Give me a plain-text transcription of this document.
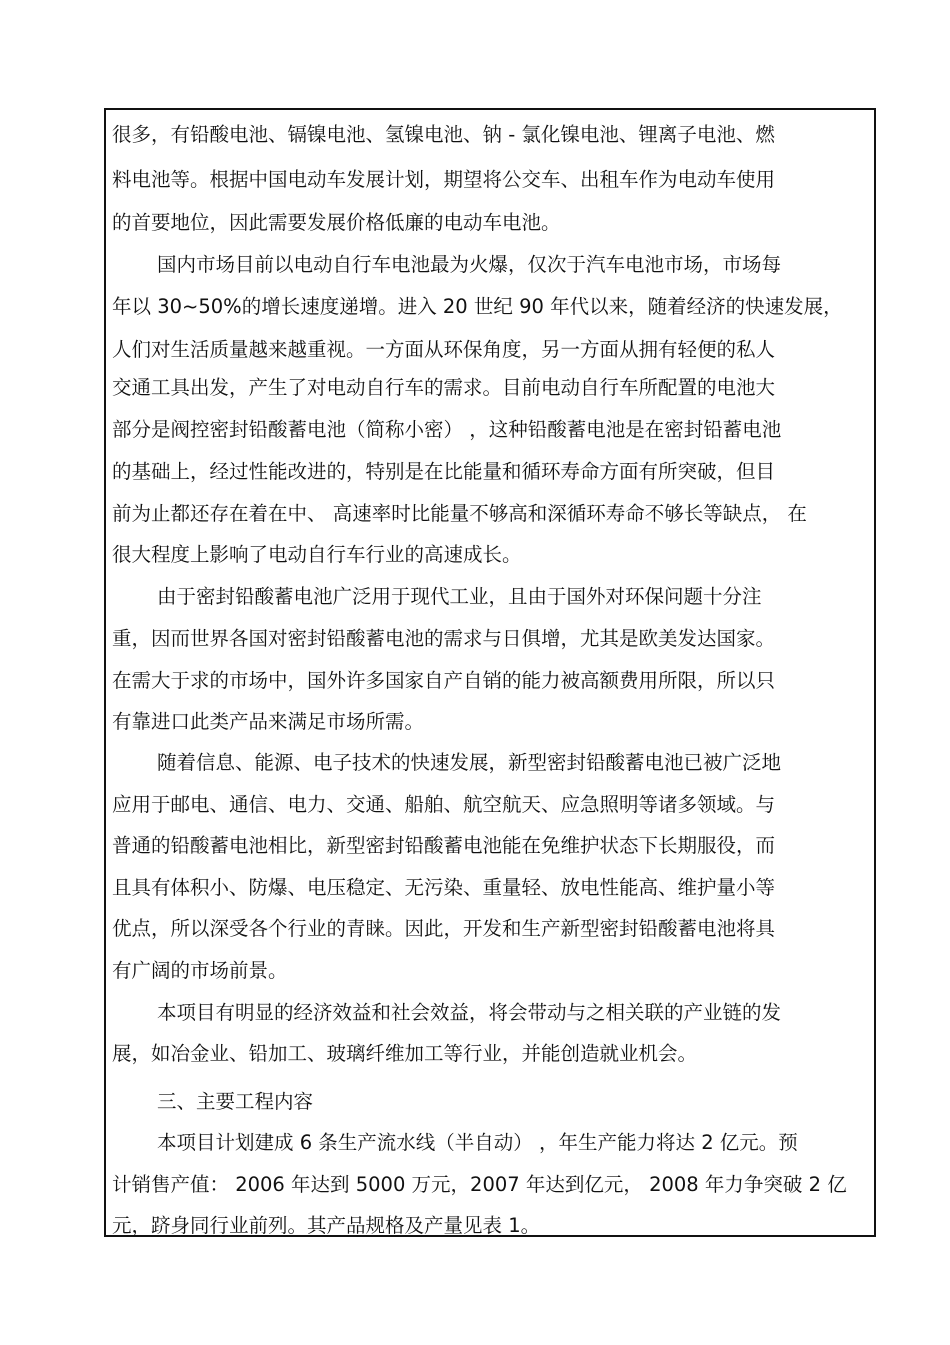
很多，有铅酸电池、镉镍电池、氢镍电池、钠 - 氯化镍电池、锂离子电池、燃
料电池等。根据中国电动车发展计划，期望将公交车、出租车作为电动车使用
的首要地位，因此需要发展价格低廉的电动车电池。
国内市场目前以电动自行车电池最为火爆，仅次于汽车电池市场，市场每
年以 30~50%的增长速度递增。进入 20 世纪 90 年代以来，随着经济的快速发展，
人们对生活质量越来越重视。一方面从环保角度，另一方面从拥有轻便的私人
交通工具出发，产生了对电动自行车的需求。目前电动自行车所配置的电池大
部分是阀控密封铅酸蓄电池（简称小密） ，这种铅酸蓄电池是在密封铅蓄电池
的基础上，经过性能改进的，特别是在比能量和循环寿命方面有所突破，但目
前为止都还存在着在中、 高速率时比能量不够高和深循环寿命不够长等缺点， 在
很大程度上影响了电动自行车行业的高速成长。
由于密封铅酸蓄电池广泛用于现代工业，且由于国外对环保问题十分注
重，因而世界各国对密封铅酸蓄电池的需求与日俱增，尤其是欧美发达国家。
在需大于求的市场中，国外许多国家自产自销的能力被高额费用所限，所以只
有靠进口此类产品来满足市场所需。
随着信息、能源、电子技术的快速发展，新型密封铅酸蓄电池已被广泛地
应用于邮电、通信、电力、交通、船舶、航空航天、应急照明等诸多领域。与
普通的铅酸蓄电池相比，新型密封铅酸蓄电池能在免维护状态下长期服役，而
且具有体积小、防爆、电压稳定、无污染、重量轻、放电性能高、维护量小等
优点，所以深受各个行业的青睐。因此，开发和生产新型密封铅酸蓄电池将具
有广阔的市场前景。
本项目有明显的经济效益和社会效益，将会带动与之相关联的产业链的发
展，如冶金业、铅加工、玻璃纤维加工等行业，并能创造就业机会。
三、主要工程内容
本项目计划建成 6 条生产流水线（半自动） ，年生产能力将达 2 亿元。预
计销售产值： 2006 年达到 5000 万元，2007 年达到亿元， 2008 年力争突破 2 亿
元，跻身同行业前列。其产品规格及产量见表 1。
